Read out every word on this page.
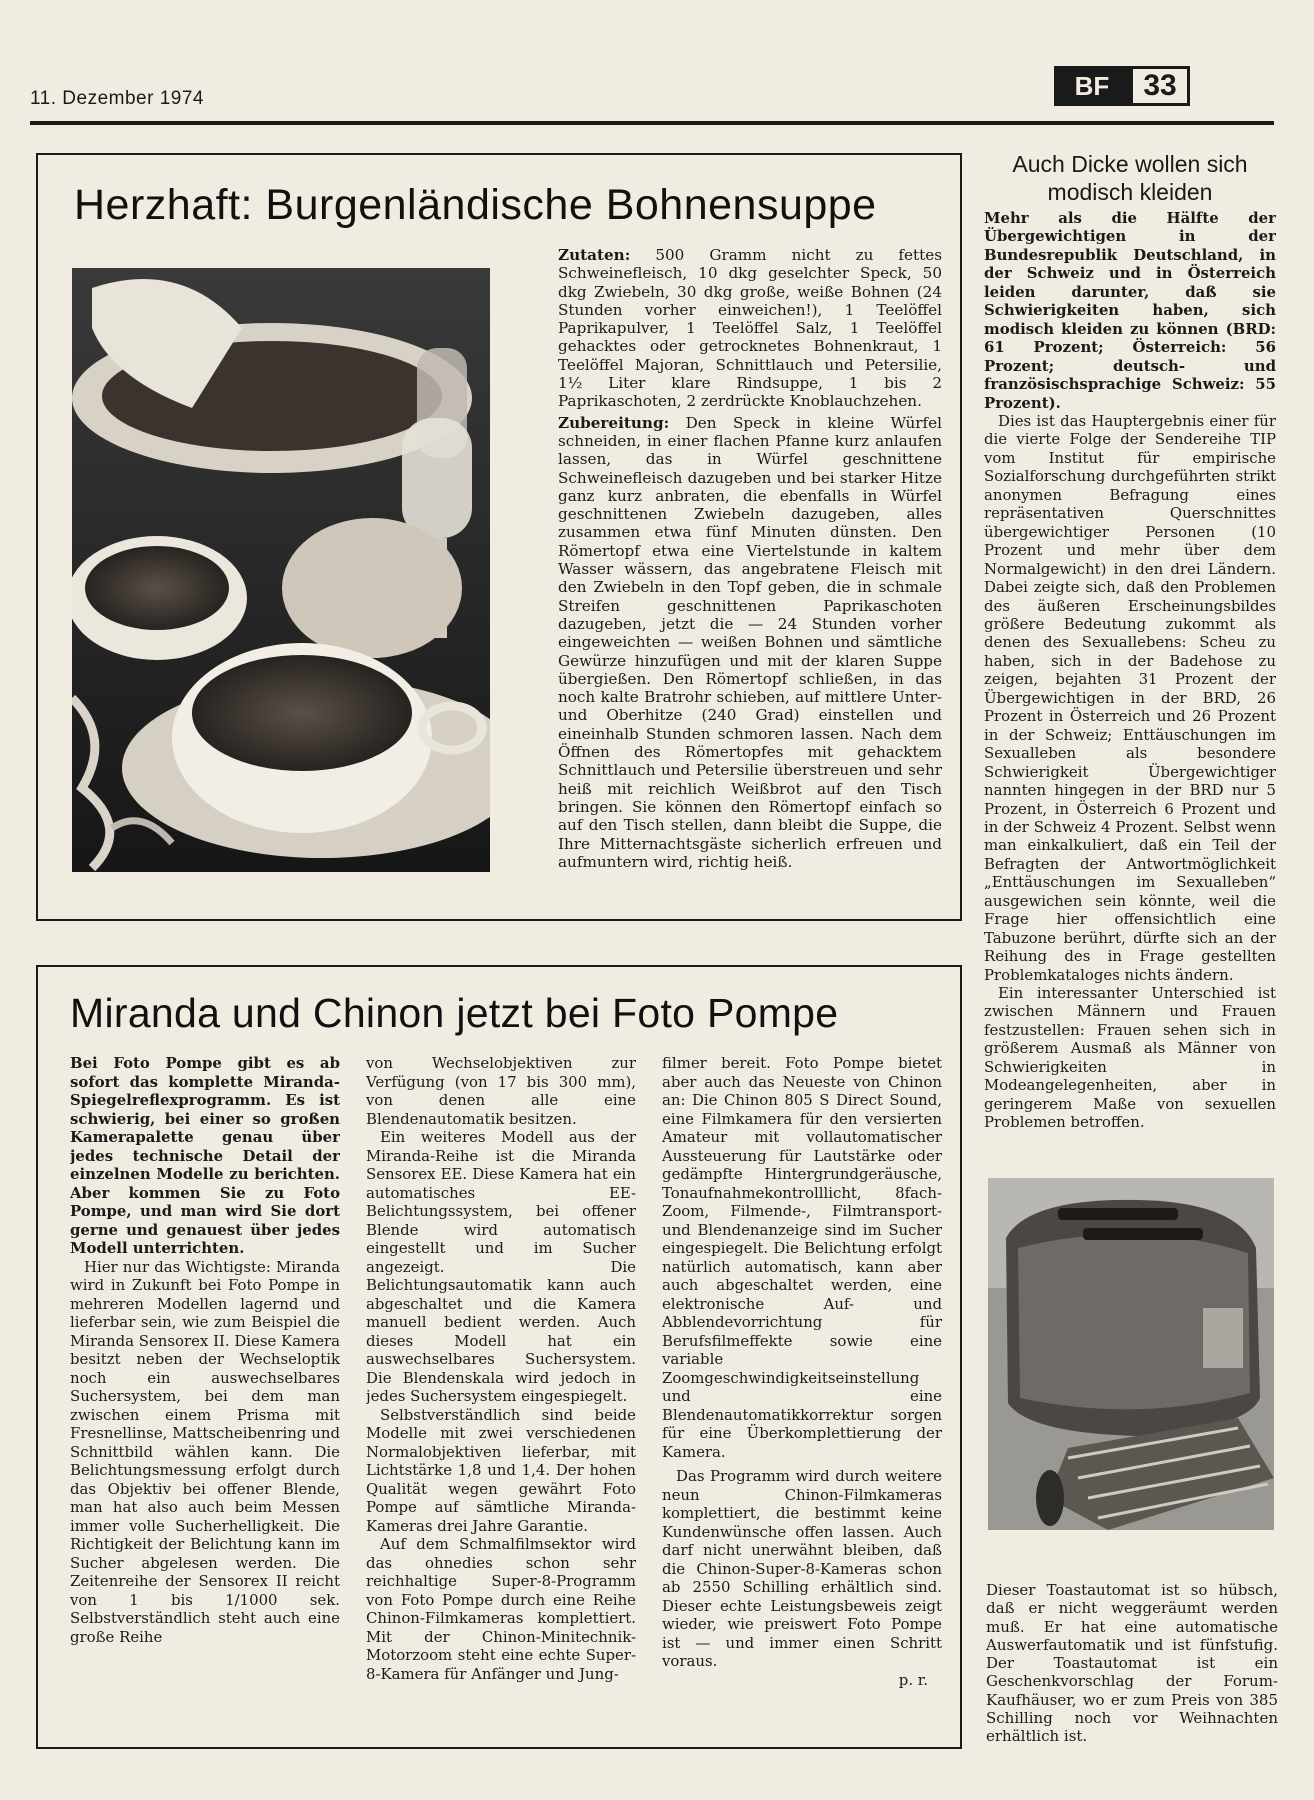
11. Dezember 1974	BF	33
Herzhaft: Burgenländische Bohnensuppe

Zutaten: 500 Gramm nicht zu fettes Schweinefleisch, 10 dkg geselchter Speck, 50 dkg Zwiebeln, 30 dkg große, weiße Bohnen (24 Stunden vorher einweichen!), 1 Teelöffel Paprikapulver, 1 Teelöffel Salz, 1 Teelöffel gehacktes oder getrocknetes Bohnenkraut, 1 Teelöffel Majoran, Schnittlauch und Petersilie, 1½ Liter klare Rindsuppe, 1 bis 2 Paprikaschoten, 2 zerdrückte Knoblauchzehen.

Zubereitung: Den Speck in kleine Würfel schneiden, in einer flachen Pfanne kurz anlaufen lassen, das in Würfel geschnittene Schweinefleisch dazugeben und bei starker Hitze ganz kurz anbraten, die ebenfalls in Würfel geschnittenen Zwiebeln dazugeben, alles zusammen etwa fünf Minuten dünsten. Den Römertopf etwa eine Viertelstunde in kaltem Wasser wässern, das angebratene Fleisch mit den Zwiebeln in den Topf geben, die in schmale Streifen geschnittenen Paprikaschoten dazugeben, jetzt die — 24 Stunden vorher eingeweichten — weißen Bohnen und sämtliche Gewürze hinzufügen und mit der klaren Suppe übergießen. Den Römertopf schließen, in das noch kalte Bratrohr schieben, auf mittlere Unter- und Oberhitze (240 Grad) einstellen und eineinhalb Stunden schmoren lassen. Nach dem Öffnen des Römertopfes mit gehacktem Schnittlauch und Petersilie überstreuen und sehr heiß mit reichlich Weißbrot auf den Tisch bringen. Sie können den Römertopf einfach so auf den Tisch stellen, dann bleibt die Suppe, die Ihre Mitternachtsgäste sicherlich erfreuen und aufmuntern wird, richtig heiß.

Auch Dicke wollen sich modisch kleiden

Mehr als die Hälfte der Übergewichtigen in der Bundesrepublik Deutschland, in der Schweiz und in Österreich leiden darunter, daß sie Schwierigkeiten haben, sich modisch kleiden zu können (BRD: 61 Prozent; Österreich: 56 Prozent; deutsch- und französischsprachige Schweiz: 55 Prozent).

Dies ist das Hauptergebnis einer für die vierte Folge der Sendereihe TIP vom Institut für empirische Sozialforschung durchgeführten strikt anonymen Befragung eines repräsentativen Querschnittes übergewichtiger Personen (10 Prozent und mehr über dem Normalgewicht) in den drei Ländern. Dabei zeigte sich, daß den Problemen des äußeren Erscheinungsbildes größere Bedeutung zukommt als denen des Sexuallebens: Scheu zu haben, sich in der Badehose zu zeigen, bejahten 31 Prozent der Übergewichtigen in der BRD, 26 Prozent in Österreich und 26 Prozent in der Schweiz; Enttäuschungen im Sexualleben als besondere Schwierigkeit Übergewichtiger nannten hingegen in der BRD nur 5 Prozent, in Österreich 6 Prozent und in der Schweiz 4 Prozent. Selbst wenn man einkalkuliert, daß ein Teil der Befragten der Antwortmöglichkeit „Enttäuschungen im Sexualleben“ ausgewichen sein könnte, weil die Frage hier offensichtlich eine Tabuzone berührt, dürfte sich an der Reihung des in Frage gestellten Problemkataloges nichts ändern.

Ein interessanter Unterschied ist zwischen Männern und Frauen festzustellen: Frauen sehen sich in größerem Ausmaß als Männer von Schwierigkeiten in Modeangelegenheiten, aber in geringerem Maße von sexuellen Problemen betroffen.

Dieser Toastautomat ist so hübsch, daß er nicht weggeräumt werden muß. Er hat eine automatische Auswerfautomatik und ist fünfstufig. Der Toastautomat ist ein Geschenkvorschlag der Forum-Kaufhäuser, wo er zum Preis von 385 Schilling noch vor Weihnachten erhältlich ist.
Miranda und Chinon jetzt bei Foto Pompe

Bei Foto Pompe gibt es ab sofort das komplette Miranda-Spiegelreflexprogramm. Es ist schwierig, bei einer so großen Kamerapalette genau über jedes technische Detail der einzelnen Modelle zu berichten. Aber kommen Sie zu Foto Pompe, und man wird Sie dort gerne und genauest über jedes Modell unterrichten.

Hier nur das Wichtigste: Miranda wird in Zukunft bei Foto Pompe in mehreren Modellen lagernd und lieferbar sein, wie zum Beispiel die Miranda Sensorex II. Diese Kamera besitzt neben der Wechseloptik noch ein auswechselbares Suchersystem, bei dem man zwischen einem Prisma mit Fresnellinse, Mattscheibenring und Schnittbild wählen kann. Die Belichtungsmessung erfolgt durch das Objektiv bei offener Blende, man hat also auch beim Messen immer volle Sucherhelligkeit. Die Richtigkeit der Belichtung kann im Sucher abgelesen werden. Die Zeitenreihe der Sensorex II reicht von 1 bis 1/1000 sek. Selbstverständlich steht auch eine große Reihe

von Wechselobjektiven zur Verfügung (von 17 bis 300 mm), von denen alle eine Blendenautomatik besitzen.

Ein weiteres Modell aus der Miranda-Reihe ist die Miranda Sensorex EE. Diese Kamera hat ein automatisches EE-Belichtungssystem, bei offener Blende wird automatisch eingestellt und im Sucher angezeigt. Die Belichtungsautomatik kann auch abgeschaltet und die Kamera manuell bedient werden. Auch dieses Modell hat ein auswechselbares Suchersystem. Die Blendenskala wird jedoch in jedes Suchersystem eingespiegelt.

Selbstverständlich sind beide Modelle mit zwei verschiedenen Normalobjektiven lieferbar, mit Lichtstärke 1,8 und 1,4. Der hohen Qualität wegen gewährt Foto Pompe auf sämtliche Miranda-Kameras drei Jahre Garantie.

Auf dem Schmalfilmsektor wird das ohnedies schon sehr reichhaltige Super-8-Programm von Foto Pompe durch eine Reihe Chinon-Filmkameras komplettiert. Mit der Chinon-Minitechnik-Motorzoom steht eine echte Super-8-Kamera für Anfänger und Jung-

filmer bereit. Foto Pompe bietet aber auch das Neueste von Chinon an: Die Chinon 805 S Direct Sound, eine Filmkamera für den versierten Amateur mit vollautomatischer Aussteuerung für Lautstärke oder gedämpfte Hintergrundgeräusche, Tonaufnahmekontrolllicht, 8fach-Zoom, Filmende-, Filmtransport- und Blendenanzeige sind im Sucher eingespiegelt. Die Belichtung erfolgt natürlich automatisch, kann aber auch abgeschaltet werden, eine elektronische Auf- und Abblendevorrichtung für Berufsfilmeffekte sowie eine variable Zoomgeschwindigkeitseinstellung und eine Blendenautomatikkorrektur sorgen für eine Überkomplettierung der Kamera.

Das Programm wird durch weitere neun Chinon-Filmkameras komplettiert, die bestimmt keine Kundenwünsche offen lassen. Auch darf nicht unerwähnt bleiben, daß die Chinon-Super-8-Kameras schon ab 2550 Schilling erhältlich sind. Dieser echte Leistungsbeweis zeigt wieder, wie preiswert Foto Pompe ist — und immer einen Schritt voraus.

p. r.
